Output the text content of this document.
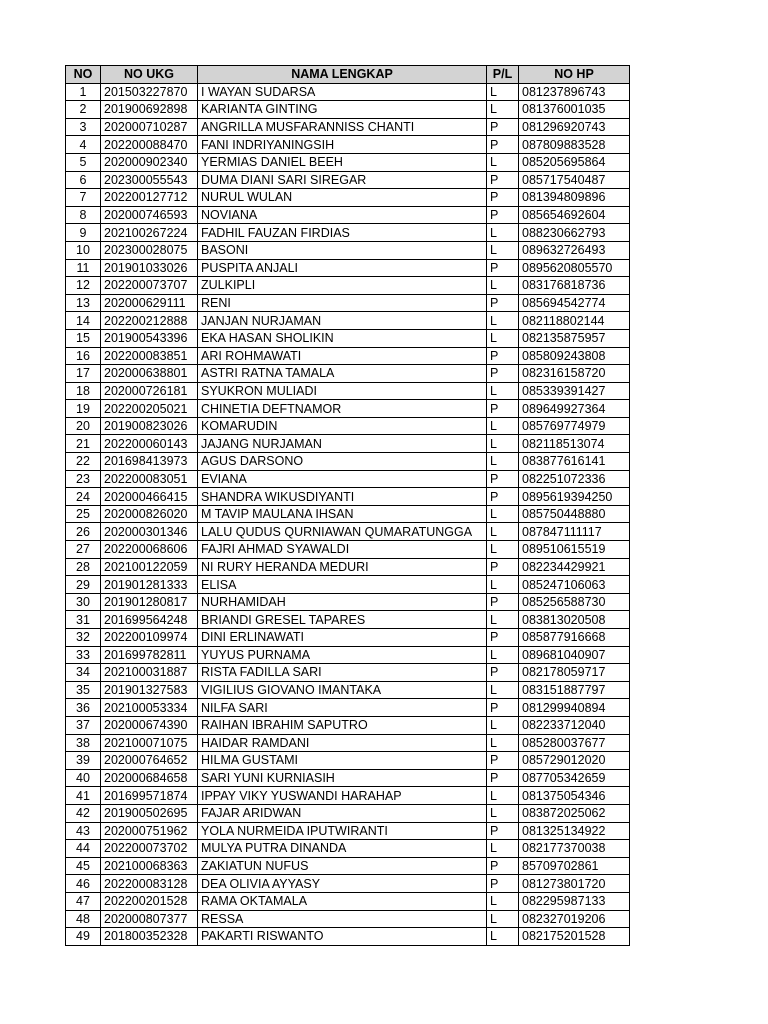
NO	NO UKG	NAMA LENGKAP	P/L	NO HP
1	201503227870	I WAYAN SUDARSA	L	081237896743
2	201900692898	KARIANTA GINTING	L	081376001035
3	202000710287	ANGRILLA MUSFARANNISS CHANTI	P	081296920743
4	202200088470	FANI INDRIYANINGSIH	P	087809883528
5	202000902340	YERMIAS DANIEL BEEH	L	085205695864
6	202300055543	DUMA DIANI SARI SIREGAR	P	085717540487
7	202200127712	NURUL WULAN	P	081394809896
8	202000746593	NOVIANA	P	085654692604
9	202100267224	FADHIL FAUZAN FIRDIAS	L	088230662793
10	202300028075	BASONI	L	089632726493
11	201901033026	PUSPITA ANJALI	P	0895620805570
12	202200073707	ZULKIPLI	L	083176818736
13	202000629111	RENI	P	085694542774
14	202200212888	JANJAN NURJAMAN	L	082118802144
15	201900543396	EKA HASAN SHOLIKIN	L	082135875957
16	202200083851	ARI ROHMAWATI	P	085809243808
17	202000638801	ASTRI RATNA TAMALA	P	082316158720
18	202000726181	SYUKRON MULIADI	L	085339391427
19	202200205021	CHINETIA DEFTNAMOR	P	089649927364
20	201900823026	KOMARUDIN	L	085769774979
21	202200060143	JAJANG NURJAMAN	L	082118513074
22	201698413973	AGUS DARSONO	L	083877616141
23	202200083051	EVIANA	P	082251072336
24	202000466415	SHANDRA WIKUSDIYANTI	P	0895619394250
25	202000826020	M TAVIP MAULANA IHSAN	L	085750448880
26	202000301346	LALU QUDUS QURNIAWAN QUMARATUNGGA	L	087847111117
27	202200068606	FAJRI AHMAD SYAWALDI	L	089510615519
28	202100122059	NI RURY HERANDA MEDURI	P	082234429921
29	201901281333	ELISA	L	085247106063
30	201901280817	NURHAMIDAH	P	085256588730
31	201699564248	BRIANDI GRESEL TAPARES	L	083813020508
32	202200109974	DINI ERLINAWATI	P	085877916668
33	201699782811	YUYUS PURNAMA	L	089681040907
34	202100031887	RISTA FADILLA SARI	P	082178059717
35	201901327583	VIGILIUS GIOVANO IMANTAKA	L	083151887797
36	202100053334	NILFA SARI	P	081299940894
37	202000674390	RAIHAN IBRAHIM SAPUTRO	L	082233712040
38	202100071075	HAIDAR RAMDANI	L	085280037677
39	202000764652	HILMA GUSTAMI	P	085729012020
40	202000684658	SARI YUNI KURNIASIH	P	087705342659
41	201699571874	IPPAY VIKY YUSWANDI HARAHAP	L	081375054346
42	201900502695	FAJAR ARIDWAN	L	083872025062
43	202000751962	YOLA NURMEIDA IPUTWIRANTI	P	081325134922
44	202200073702	MULYA PUTRA DINANDA	L	082177370038
45	202100068363	ZAKIATUN NUFUS	P	85709702861
46	202200083128	DEA OLIVIA AYYASY	P	081273801720
47	202200201528	RAMA OKTAMALA	L	082295987133
48	202000807377	RESSA	L	082327019206
49	201800352328	PAKARTI RISWANTO	L	082175201528
